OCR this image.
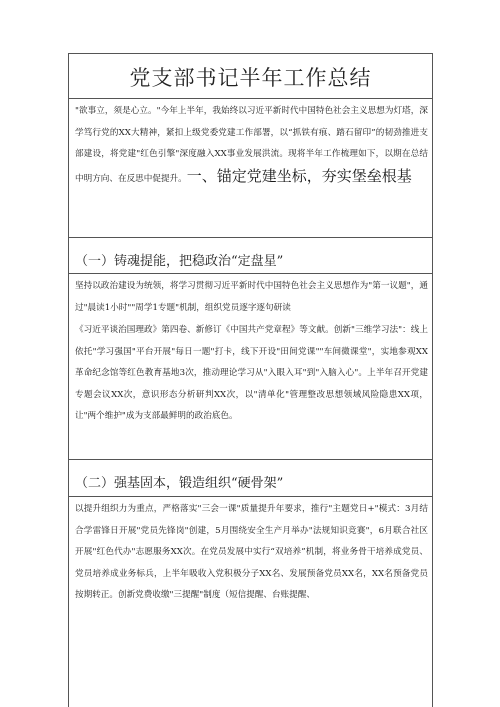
党支部书记半年工作总结
"欲事立，须是心立。"今年上半年，我始终以习近平新时代中国特色社会主义思想为灯塔，深学笃行党的XX大精神，紧扣上级党委党建工作部署，以“抓铁有痕、踏石留印”的韧劲推进支部建设，将党建"红色引擎"深度融入XX事业发展洪流。现将半年工作梳理如下，以期在总结中明方向、在反思中促提升。一、锚定党建坐标，夯实堡垒根基
（一）铸魂提能，把稳政治“定盘星”
坚持以政治建设为统领，将学习贯彻习近平新时代中国特色社会主义思想作为"第一议题"，通过"晨读1小时""周学1专题"机制，组织党员逐字逐句研读
《习近平谈治国理政》第四卷、新修订《中国共产党章程》等文献。创新"三维学习法"：线上依托"学习强国"平台开展"每日一题"打卡，线下开设"田间党课""车间微课堂"，实地参观XX革命纪念馆等红色教育基地3次，推动理论学习从"入眼入耳"到"入脑入心"。上半年召开党建专题会议XX次，意识形态分析研判XX次，以"清单化"管理整改思想领域风险隐患XX项，让"两个维护"成为支部最鲜明的政治底色。
（二）强基固本，锻造组织“硬骨架”
以提升组织力为重点，严格落实"三会一课"质量提升年要求，推行"主题党日+"模式：3月结合学雷锋日开展"党员先锋岗"创建，5月围绕安全生产月举办"法规知识竞赛"，6月联合社区开展"红色代办"志愿服务XX次。在党员发展中实行“双培养”机制，将业务骨干培养成党员、党员培养成业务标兵，上半年吸收入党积极分子XX名、发展预备党员XX名，XX名预备党员按期转正。创新党费收缴"三提醒"制度（短信提醒、台账提醒、
